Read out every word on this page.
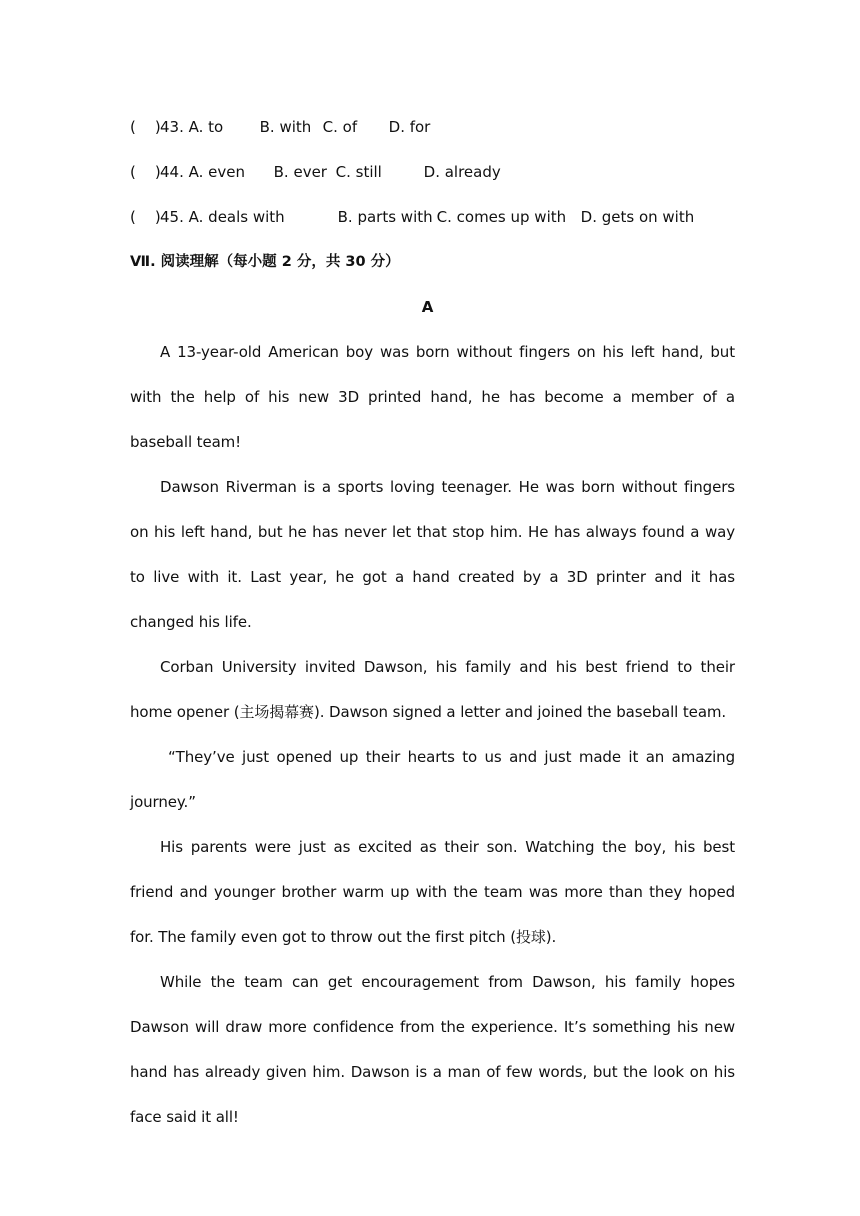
(    )43. A. to B. with C. of D. for
(    )44. A. even B. ever C. still	D. already
(    )45. A. deals with	B. parts with C. comes up with D. gets on with
Ⅶ. 阅读理解（每小题 2 分，共 30 分）
A

A 13-year-old American boy was born without fingers on his left hand, but with the help of his new 3D printed hand, he has become a member of a baseball team!

Dawson Riverman is a sports loving teenager. He was born without fingers on his left hand, but he has never let that stop him. He has always found a way to live with it. Last year, he got a hand created by a 3D printer and it has changed his life.

Corban University invited Dawson, his family and his best friend to their home opener (主场揭幕赛). Dawson signed a letter and joined the baseball team.

“They’ve just opened up their hearts to us and just made it an amazing journey.”

His parents were just as excited as their son. Watching the boy, his best friend and younger brother warm up with the team was more than they hoped for. The family even got to throw out the first pitch (投球).

While the team can get encouragement from Dawson, his family hopes Dawson will draw more confidence from the experience. It’s something his new hand has already given him. Dawson is a man of few words, but the look on his face said it all!
